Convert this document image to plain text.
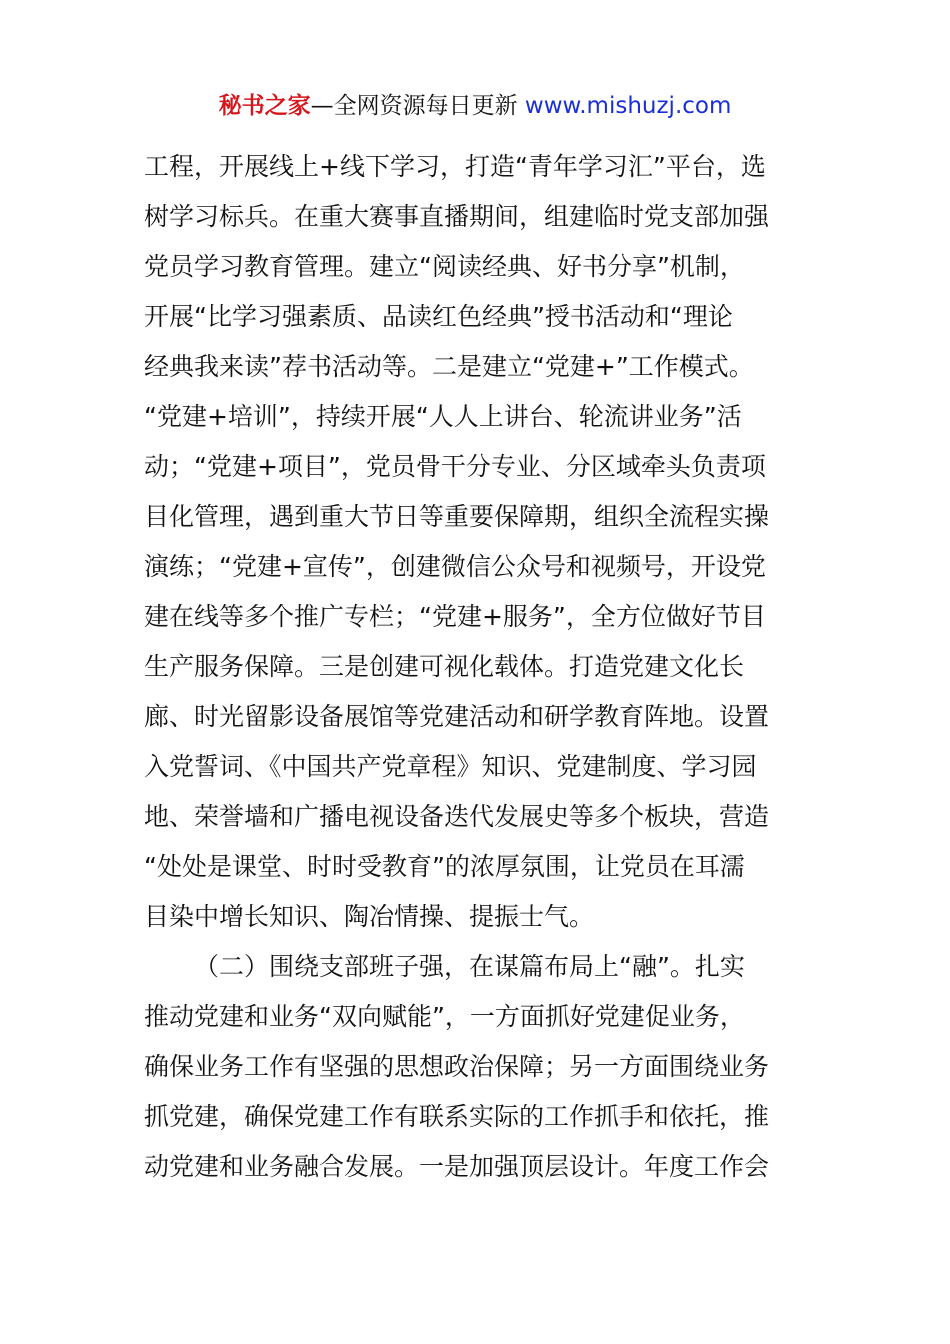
秘书之家—全网资源每日更新 www.mishuzj.com
工程，开展线上+线下学习，打造“青年学习汇”平台，选
树学习标兵。在重大赛事直播期间，组建临时党支部加强
党员学习教育管理。建立“阅读经典、好书分享”机制，
开展“比学习强素质、品读红色经典”授书活动和“理论
经典我来读”荐书活动等。二是建立“党建+”工作模式。
“党建+培训”，持续开展“人人上讲台、轮流讲业务”活
动；“党建+项目”，党员骨干分专业、分区域牵头负责项
目化管理，遇到重大节日等重要保障期，组织全流程实操
演练；“党建+宣传”，创建微信公众号和视频号，开设党
建在线等多个推广专栏；“党建+服务”，全方位做好节目
生产服务保障。三是创建可视化载体。打造党建文化长
廊、时光留影设备展馆等党建活动和研学教育阵地。设置
入党誓词、《中国共产党章程》知识、党建制度、学习园
地、荣誉墙和广播电视设备迭代发展史等多个板块，营造
“处处是课堂、时时受教育”的浓厚氛围，让党员在耳濡
目染中增长知识、陶冶情操、提振士气。
（二）围绕支部班子强，在谋篇布局上“融”。扎实
推动党建和业务“双向赋能”，一方面抓好党建促业务，
确保业务工作有坚强的思想政治保障；另一方面围绕业务
抓党建，确保党建工作有联系实际的工作抓手和依托，推
动党建和业务融合发展。一是加强顶层设计。年度工作会
